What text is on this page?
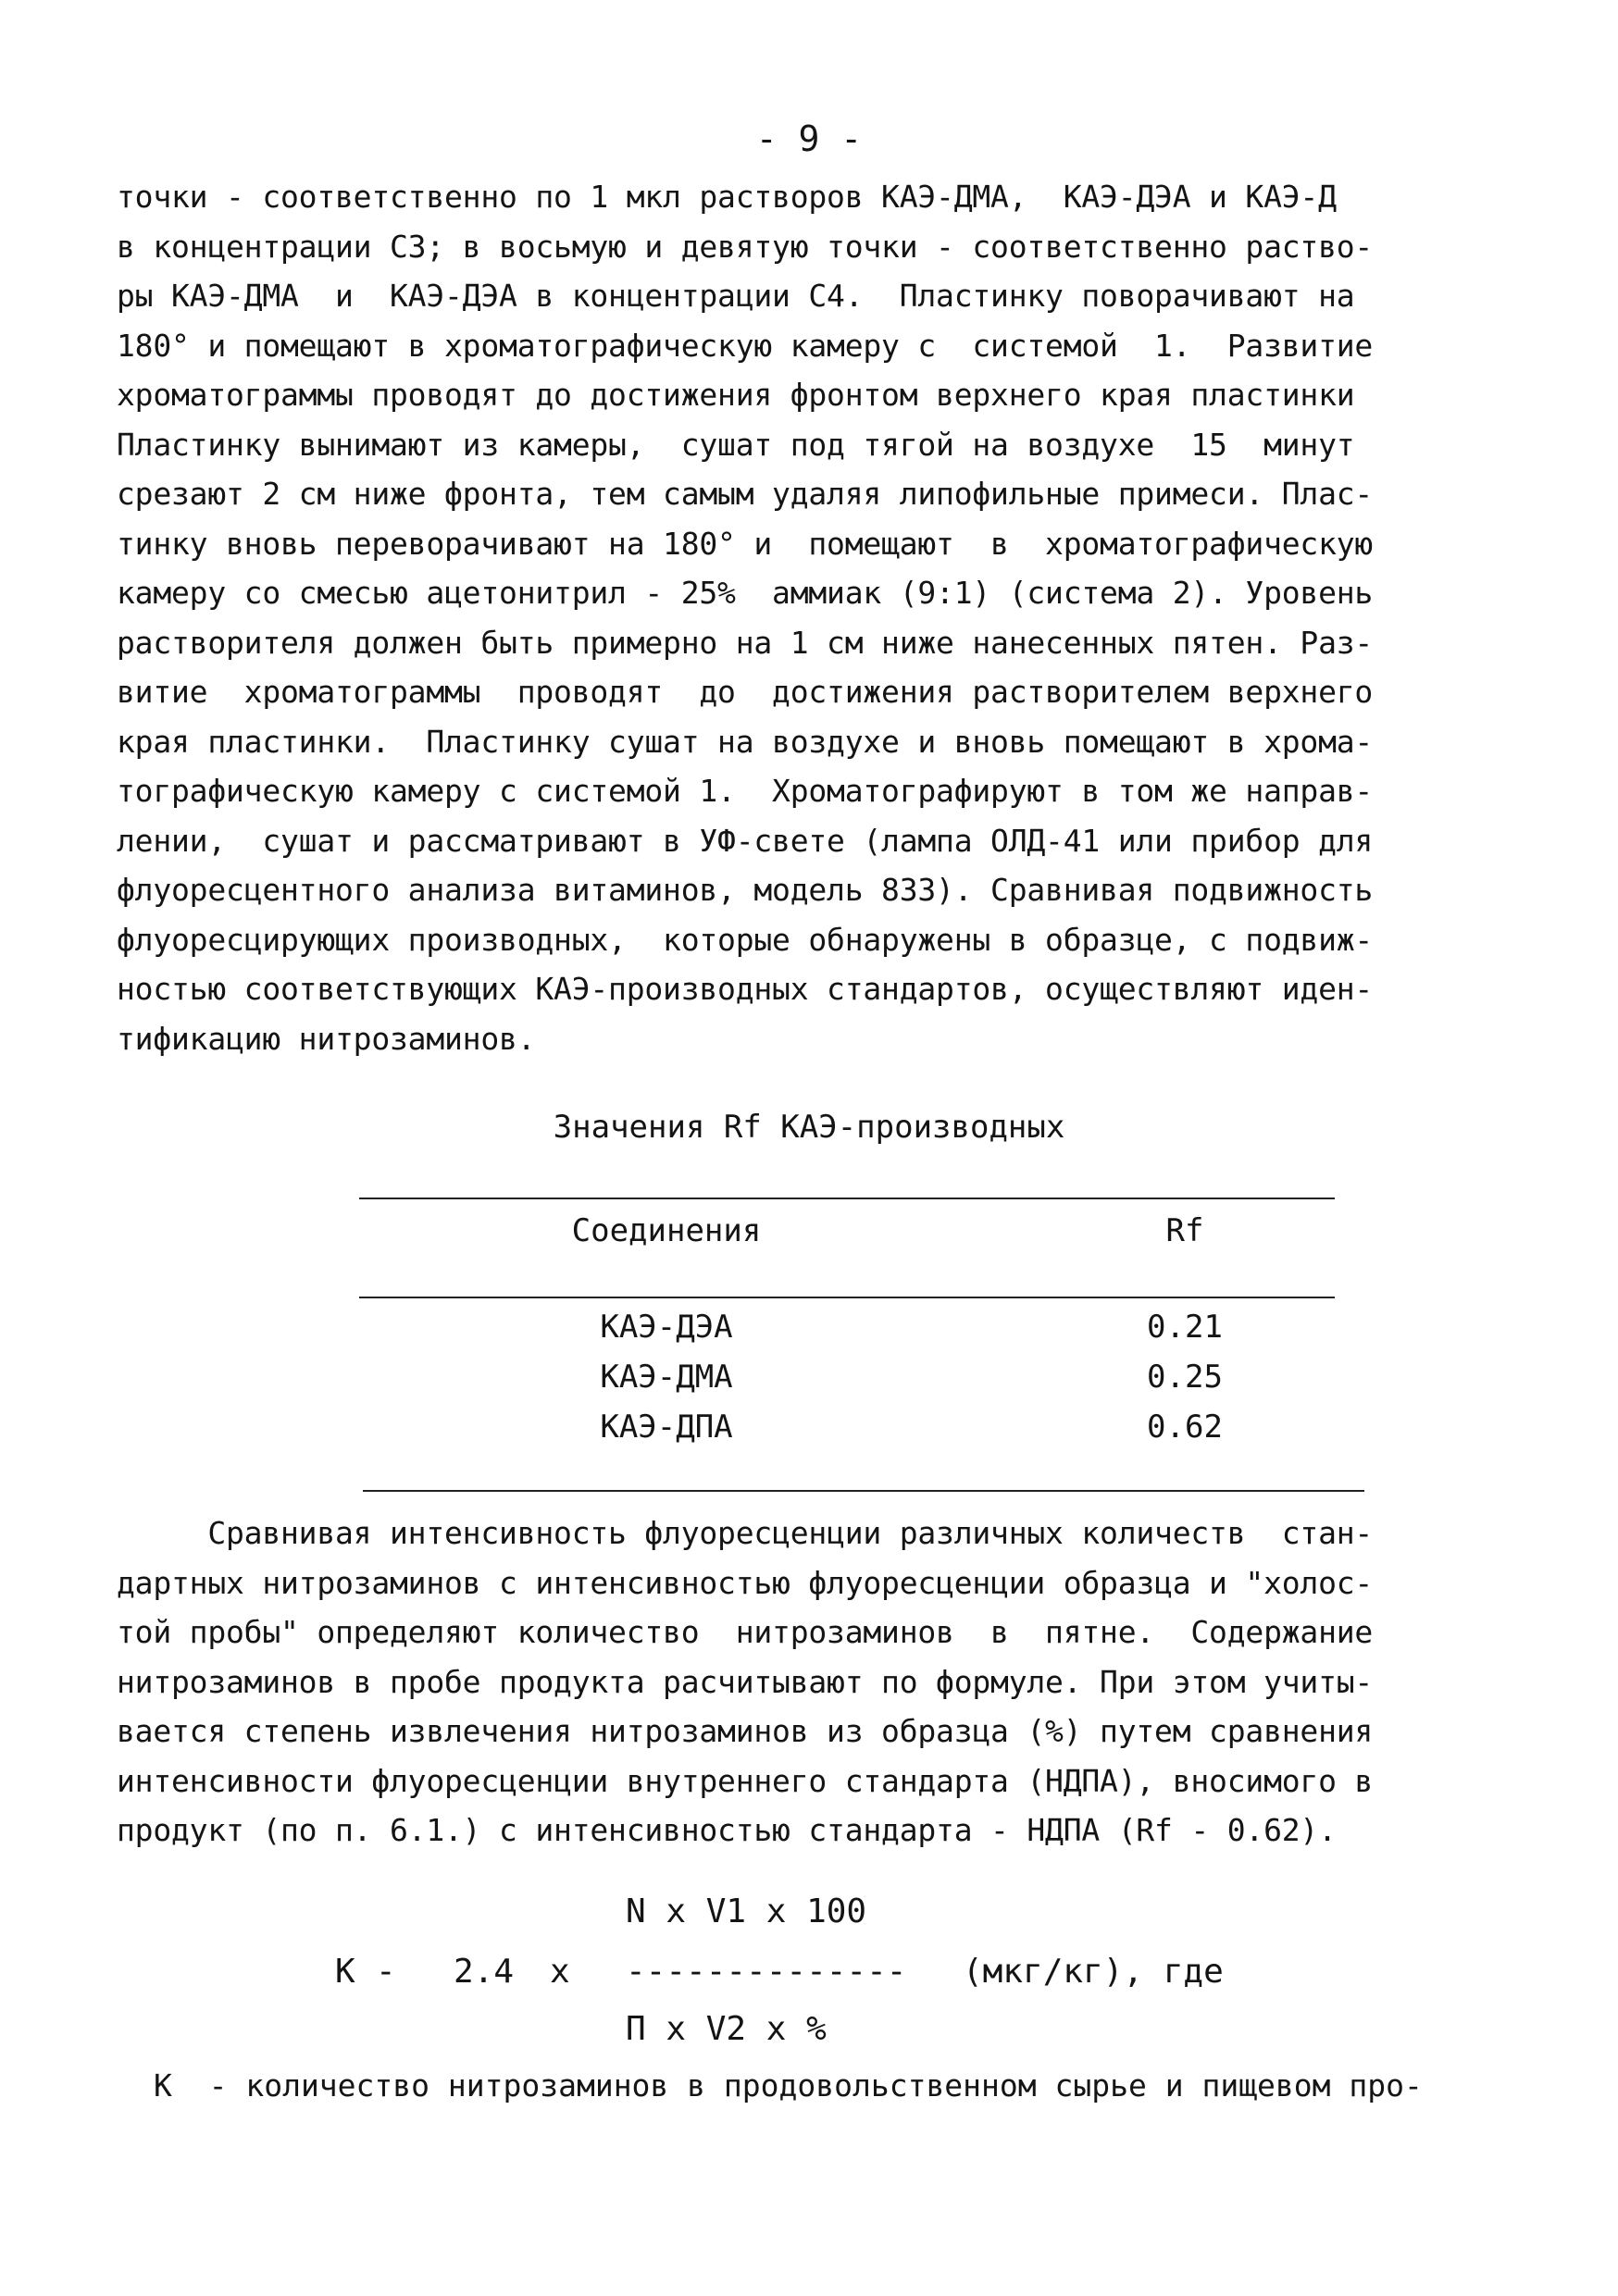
- 9 -

точки - соответственно по 1 мкл растворов КАЭ-ДМА,  КАЭ-ДЭА и КАЭ-Д
в концентрации С3; в восьмую и девятую точки - соответственно раство-
ры КАЭ-ДМА  и  КАЭ-ДЭА в концентрации С4.  Пластинку поворачивают на
180° и помещают в хроматографическую камеру с  системой  1.  Развитие
хроматограммы проводят до достижения фронтом верхнего края пластинки
Пластинку вынимают из камеры,  сушат под тягой на воздухе  15  минут
срезают 2 см ниже фронта, тем самым удаляя липофильные примеси. Плас-
тинку вновь переворачивают на 180° и  помещают  в  хроматографическую
камеру со смесью ацетонитрил - 25%  аммиак (9:1) (система 2). Уровень
растворителя должен быть примерно на 1 см ниже нанесенных пятен. Раз-
витие  хроматограммы  проводят  до  достижения растворителем верхнего
края пластинки.  Пластинку сушат на воздухе и вновь помещают в хрома-
тографическую камеру с системой 1.  Хроматографируют в том же направ-
лении,  сушат и рассматривают в УФ-свете (лампа ОЛД-41 или прибор для
флуоресцентного анализа витаминов, модель 833). Сравнивая подвижность
флуоресцирующих производных,  которые обнаружены в образце, с подвиж-
ностью соответствующих КАЭ-производных стандартов, осуществляют иден-
тификацию нитрозаминов.

Значения Rf КАЭ-производных
Соединения	Rf
КАЭ-ДЭА	0.21
КАЭ-ДМА	0.25
КАЭ-ДПА	0.62

Сравнивая интенсивность флуоресценции различных количеств  стан-
дартных нитрозаминов с интенсивностью флуоресценции образца и "холос-
той пробы" определяют количество  нитрозаминов  в  пятне.  Содержание
нитрозаминов в пробе продукта расчитывают по формуле. При этом учиты-
вается степень извлечения нитрозаминов из образца (%) путем сравнения
интенсивности флуоресценции внутреннего стандарта (НДПА), вносимого в
продукт (по п. 6.1.) с интенсивностью стандарта - НДПА (Rf - 0.62).

N x V1 x 100
К - 2.4 x -------------- (мкг/кг), где
П x V2 x %
К  - количество нитрозаминов в продовольственном сырье и пищевом про-
